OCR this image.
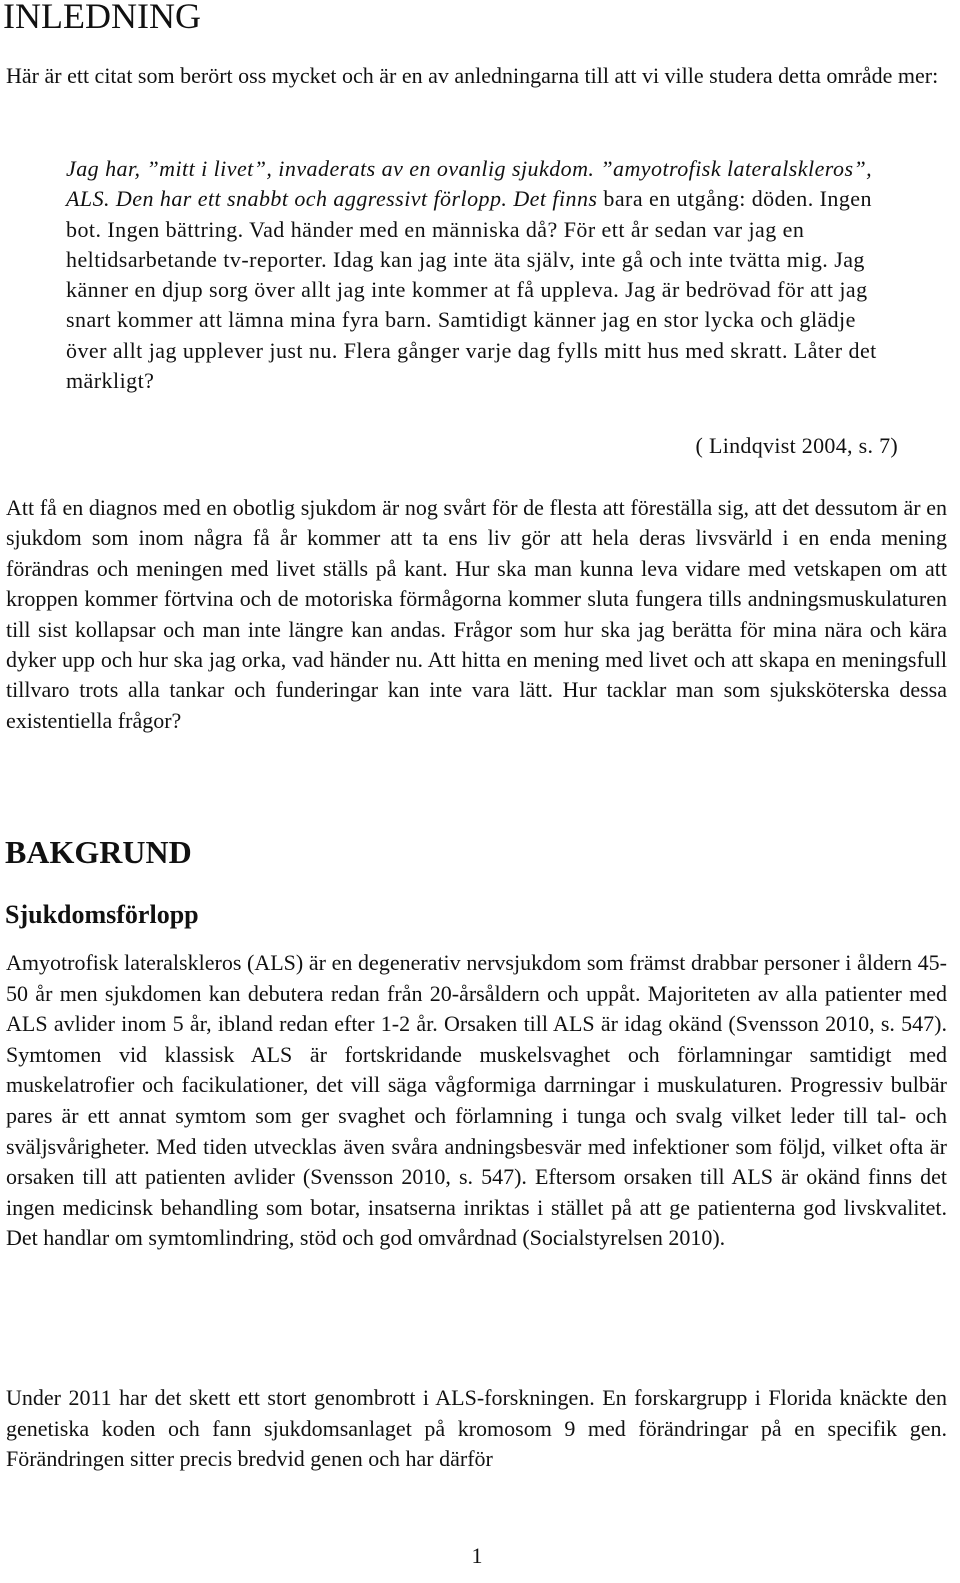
INLEDNING

Här är ett citat som berört oss mycket och är en av anledningarna till att vi ville studera detta område mer:

Jag har, ”mitt i livet”, invaderats av en ovanlig sjukdom. ”amyotrofisk lateralskleros”, ALS. Den har ett snabbt och aggressivt förlopp. Det finns bara en utgång: döden. Ingen bot. Ingen bättring. Vad händer med en människa då? För ett år sedan var jag en heltidsarbetande tv-reporter. Idag kan jag inte äta själv, inte gå och inte tvätta mig. Jag känner en djup sorg över allt jag inte kommer at få uppleva. Jag är bedrövad för att jag snart kommer att lämna mina fyra barn. Samtidigt känner jag en stor lycka och glädje över allt jag upplever just nu. Flera gånger varje dag fylls mitt hus med skratt. Låter det märkligt?

( Lindqvist 2004, s. 7)

Att få en diagnos med en obotlig sjukdom är nog svårt för de flesta att föreställa sig, att det dessutom är en sjukdom som inom några få år kommer att ta ens liv gör att hela deras livsvärld i en enda mening förändras och meningen med livet ställs på kant. Hur ska man kunna leva vidare med vetskapen om att kroppen kommer förtvina och de motoriska förmågorna kommer sluta fungera tills andningsmuskulaturen till sist kollapsar och man inte längre kan andas. Frågor som hur ska jag berätta för mina nära och kära dyker upp och hur ska jag orka, vad händer nu. Att hitta en mening med livet och att skapa en meningsfull tillvaro trots alla tankar och funderingar kan inte vara lätt. Hur tacklar man som sjuksköterska dessa existentiella frågor?

BAKGRUND
Sjukdomsförlopp

Amyotrofisk lateralskleros (ALS) är en degenerativ nervsjukdom som främst drabbar personer i åldern 45-50 år men sjukdomen kan debutera redan från 20-årsåldern och uppåt. Majoriteten av alla patienter med ALS avlider inom 5 år, ibland redan efter 1-2 år. Orsaken till ALS är idag okänd (Svensson 2010, s. 547). Symtomen vid klassisk ALS är fortskridande muskelsvaghet och förlamningar samtidigt med muskelatrofier och facikulationer, det vill säga vågformiga darrningar i muskulaturen. Progressiv bulbär pares är ett annat symtom som ger svaghet och förlamning i tunga och svalg vilket leder till tal- och sväljsvårigheter. Med tiden utvecklas även svåra andningsbesvär med infektioner som följd, vilket ofta är orsaken till att patienten avlider (Svensson 2010, s. 547). Eftersom orsaken till ALS är okänd finns det ingen medicinsk behandling som botar, insatserna inriktas i stället på att ge patienterna god livskvalitet. Det handlar om symtomlindring, stöd och god omvårdnad (Socialstyrelsen 2010).

Under 2011 har det skett ett stort genombrott i ALS-forskningen. En forskargrupp i Florida knäckte den genetiska koden och fann sjukdomsanlaget på kromosom 9 med förändringar på en specifik gen. Förändringen sitter precis bredvid genen och har därför

1
